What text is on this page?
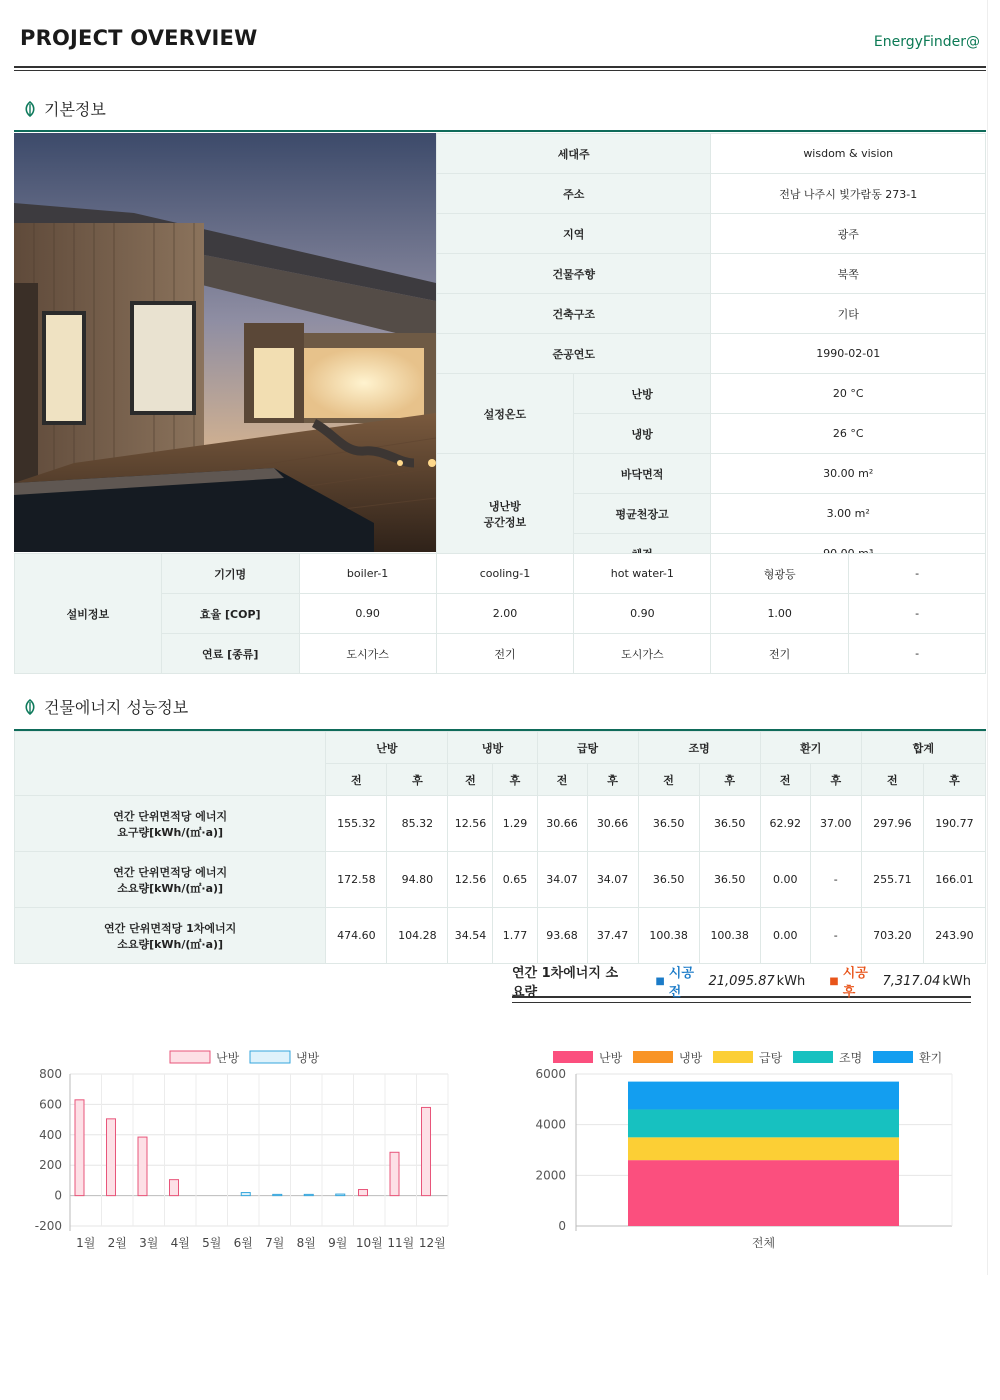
PROJECT OVERVIEW	EnergyFinder@
기본정보
세대주		wisdom & vision
주소		전남 나주시 빛가람동 273-1
지역		광주
건물주향		북쪽
건축구조		기타
준공연도		1990-02-01
설정온도	난방	20 °C
	냉방	26 °C
냉난방
공간정보	바닥면적	30.00 m²
	평균천장고	3.00 m²

설비정보	기기명	boiler-1	cooling-1	hot water-1	형광등	-
	효율 [COP]	0.90	2.00	0.90	1.00	-
	연료 [종류]	도시가스	전기	도시가스	전기	-
건물에너지 성능정보
	난방		냉방		급탕		조명		환기		합계	
	전	후	전	후	전	후	전	후	전	후	전	후
연간 단위면적당 에너지
요구량[kWh/(㎡·a)]	155.32	85.32	12.56	1.29	30.66	30.66	36.50	36.50	62.92	37.00	297.96	190.77
연간 단위면적당 에너지
소요량[kWh/(㎡·a)]	172.58	94.80	12.56	0.65	34.07	34.07	36.50	36.50	0.00	-	255.71	166.01
연간 단위면적당 1차에너지
소요량[kWh/(㎡·a)]	474.60	104.28	34.54	1.77	93.68	37.47	100.38	100.38	0.00	-	703.20	243.90
연간 1차에너지 소요량
■ 시공전
21,095.87 kWh ■ 시공후
7,317.04 kWh
800
600
400
200
0
-200
1월 2월 3월 4월 5월 6월 7월 8월 9월 10월 11월 12월
난방	냉방
6000
4000
2000
0
전체
난방	냉방	급탕	조명	환기
